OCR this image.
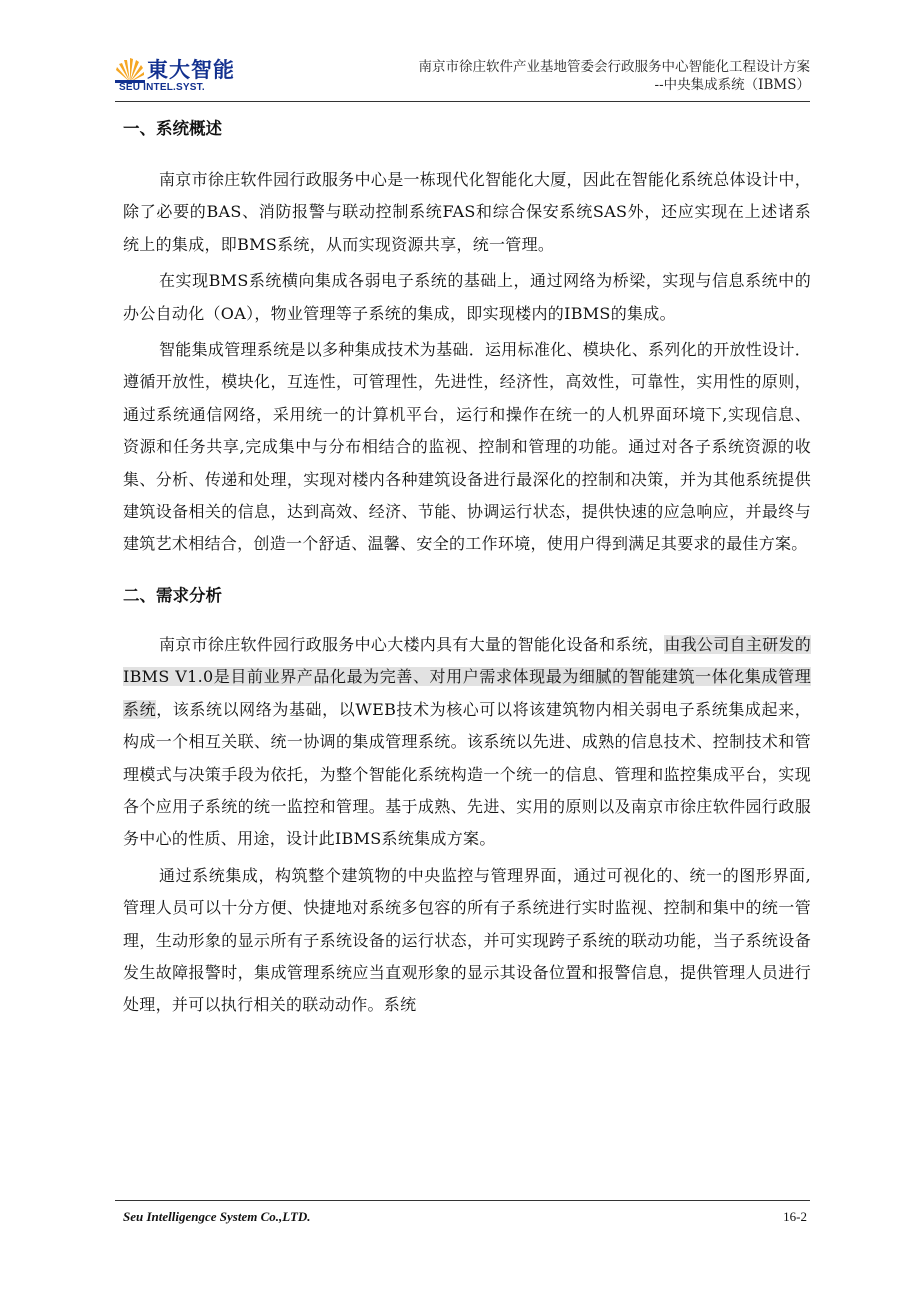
東大智能
SEU INTEL.SYST.
南京市徐庄软件产业基地管委会行政服务中心智能化工程设计方案
--中央集成系统（IBMS）
一、系统概述

南京市徐庄软件园行政服务中心是一栋现代化智能化大厦，因此在智能化系统总体设计中，除了必要的BAS、消防报警与联动控制系统FAS和综合保安系统SAS外，还应实现在上述诸系统上的集成，即BMS系统，从而实现资源共享，统一管理。

在实现BMS系统横向集成各弱电子系统的基础上，通过网络为桥梁，实现与信息系统中的办公自动化（OA），物业管理等子系统的集成，即实现楼内的IBMS的集成。

智能集成管理系统是以多种集成技术为基础．运用标准化、模块化、系列化的开放性设计．遵循开放性，模块化，互连性，可管理性，先进性，经济性，高效性，可靠性，实用性的原则，通过系统通信网络，采用统一的计算机平台，运行和操作在统一的人机界面环境下,实现信息、资源和任务共享,完成集中与分布相结合的监视、控制和管理的功能。通过对各子系统资源的收集、分析、传递和处理，实现对楼内各种建筑设备进行最深化的控制和决策，并为其他系统提供建筑设备相关的信息，达到高效、经济、节能、协调运行状态，提供快速的应急响应，并最终与建筑艺术相结合，创造一个舒适、温馨、安全的工作环境，使用户得到满足其要求的最佳方案。

二、需求分析

南京市徐庄软件园行政服务中心大楼内具有大量的智能化设备和系统，由我公司自主研发的IBMS V1.0是目前业界产品化最为完善、对用户需求体现最为细腻的智能建筑一体化集成管理系统，该系统以网络为基础，以WEB技术为核心可以将该建筑物内相关弱电子系统集成起来，构成一个相互关联、统一协调的集成管理系统。该系统以先进、成熟的信息技术、控制技术和管理模式与决策手段为依托，为整个智能化系统构造一个统一的信息、管理和监控集成平台，实现各个应用子系统的统一监控和管理。基于成熟、先进、实用的原则以及南京市徐庄软件园行政服务中心的性质、用途，设计此IBMS系统集成方案。

通过系统集成，构筑整个建筑物的中央监控与管理界面，通过可视化的、统一的图形界面,管理人员可以十分方便、快捷地对系统多包容的所有子系统进行实时监视、控制和集中的统一管理，生动形象的显示所有子系统设备的运行状态，并可实现跨子系统的联动功能，当子系统设备发生故障报警时，集成管理系统应当直观形象的显示其设备位置和报警信息，提供管理人员进行处理，并可以执行相关的联动动作。系统

Seu Intelligengce System Co.,LTD.	16-2
